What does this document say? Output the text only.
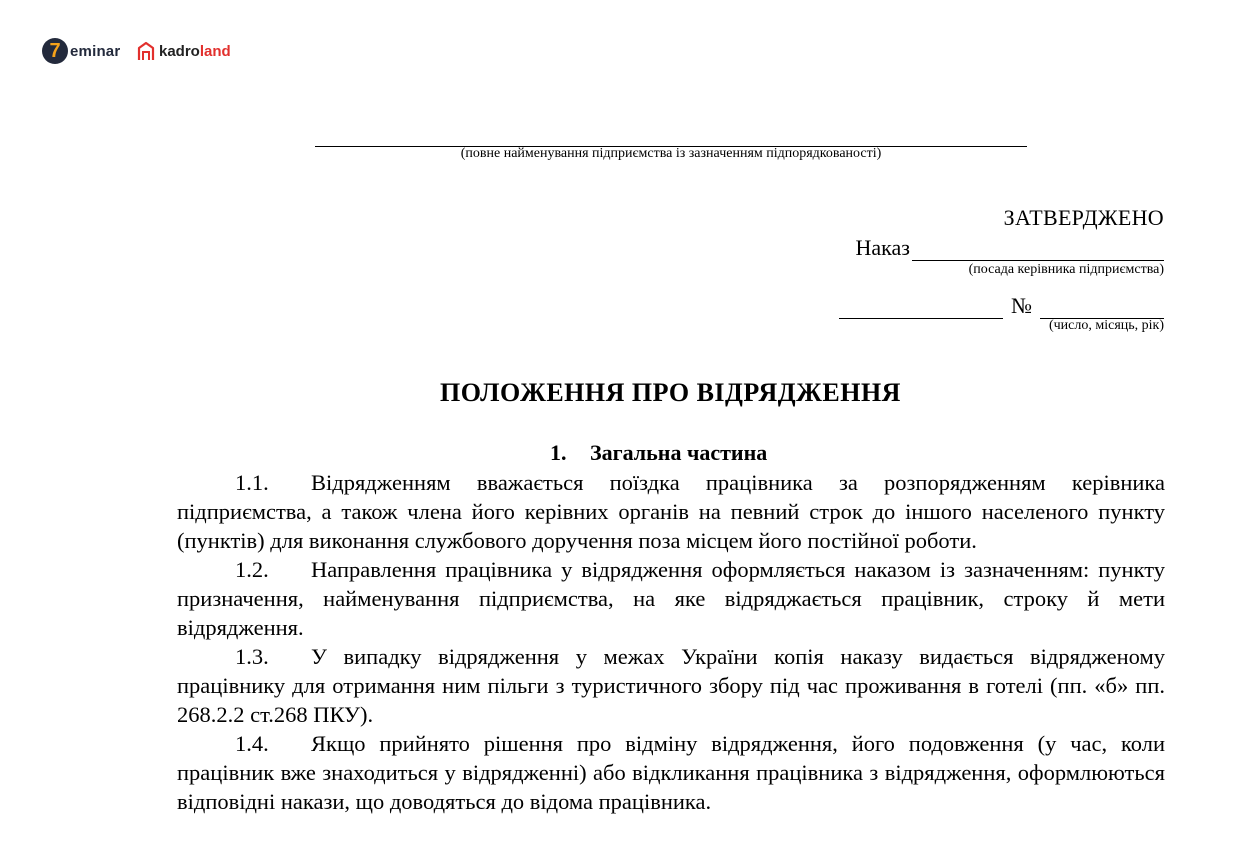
7 eminar	kadroland
(повне найменування підприємства із зазначенням підпорядкованості)
ЗАТВЕРДЖЕНО
Наказ
(посада керівника підприємства)
№
(число, місяць, рік)
ПОЛОЖЕННЯ ПРО ВІДРЯДЖЕННЯ
1. Загальна частина

1.1. Відрядженням вважається поїздка працівника за розпорядженням керівника підприємства, а також члена його керівних органів на певний строк до іншого населеного пункту (пунктів) для виконання службового доручення поза місцем його постійної роботи.

1.2. Направлення працівника у відрядження оформляється наказом із зазначенням: пункту призначення, найменування підприємства, на яке відряджається працівник, строку й мети відрядження.

1.3. У випадку відрядження у межах України копія наказу видається відрядженому працівнику для отримання ним пільги з туристичного збору під час проживання в готелі (пп. «б» пп. 268.2.2 ст.268 ПКУ).

1.4. Якщо прийнято рішення про відміну відрядження, його подовження (у час, коли працівник вже знаходиться у відрядженні) або відкликання працівника з відрядження, оформлюються відповідні накази, що доводяться до відома працівника.
